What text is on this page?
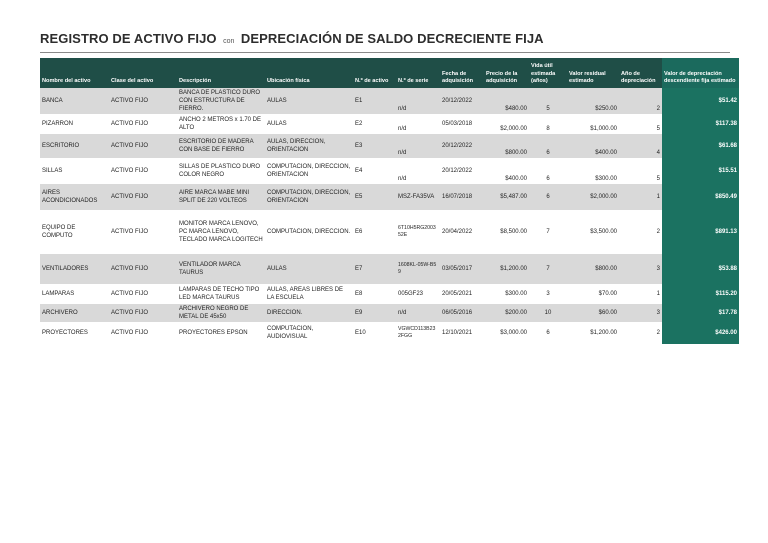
REGISTRO DE ACTIVO FIJO con DEPRECIACIÓN DE SALDO DECRECIENTE FIJA
Nombre del activo	Clase del activo	Descripción	Ubicación física	N.º de activo	N.º de serie	Fecha de adquisición	Precio de la adquisición	Vida útil estimada (años)	Valor residual estimado	Año de depreciación	Valor de depreciación descendiente fija estimado
BANCA	ACTIVO FIJO	BANCA DE PLASTICO DURO CON ESTRUCTURA DE FIERRO.	AULAS	E1	n/d	20/12/2022	$480.00	5	$250.00	2	$51.42
PIZARRON	ACTIVO FIJO	ANCHO 2 METROS x 1.70 DE ALTO	AULAS	E2	n/d	05/03/2018	$2,000.00	8	$1,000.00	5	$117.38
ESCRITORIO	ACTIVO FIJO	ESCRITORIO DE MADERA CON BASE DE FIERRO	AULAS, DIRECCION, ORIENTACION	E3	n/d	20/12/2022	$800.00	6	$400.00	4	$61.68
SILLAS	ACTIVO FIJO	SILLAS DE PLASTICO DURO COLOR NEGRO	COMPUTACION, DIRECCION, ORIENTACION	E4	n/d	20/12/2022	$400.00	6	$300.00	5	$15.51
AIRES ACONDICIONADOS	ACTIVO FIJO	AIRE MARCA MABE MINI SPLIT DE 220 VOLTEOS	COMPUTACION, DIRECCION, ORIENTACION	E5	MSZ-FA35VA	16/07/2018	$5,487.00	6	$2,000.00	1	$850.49
EQUIPO DE COMPUTO	ACTIVO FIJO	MONITOR MARCA LENOVO, PC MARCA LENOVO, TECLADO MARCA LOGITECH	COMPUTACION, DIRECCION.	E6	6T10H5RG200352E	20/04/2022	$8,500.00	7	$3,500.00	2	$891.13
VENTILADORES	ACTIVO FIJO	VENTILADOR MARCA TAURUS	AULAS	E7	1608KL-05W-B59	03/05/2017	$1,200.00	7	$800.00	3	$53.88
LAMPARAS	ACTIVO FIJO	LAMPARAS DE TECHO TIPO LED MARCA TAURUS	AULAS, AREAS LIBRES DE LA ESCUELA	E8	005GF23	20/05/2021	$300.00	3	$70.00	1	$115.20
ARCHIVERO	ACTIVO FIJO	ARCHIVERO NEGRO DE METAL DE 45x50	DIRECCION.	E9	n/d	06/05/2016	$200.00	10	$60.00	3	$17.78
PROYECTORES	ACTIVO FIJO	PROYECTORES EPSON	COMPUTACION, AUDIOVISUAL	E10	VGWCD113B232FGG	12/10/2021	$3,000.00	6	$1,200.00	2	$426.00
